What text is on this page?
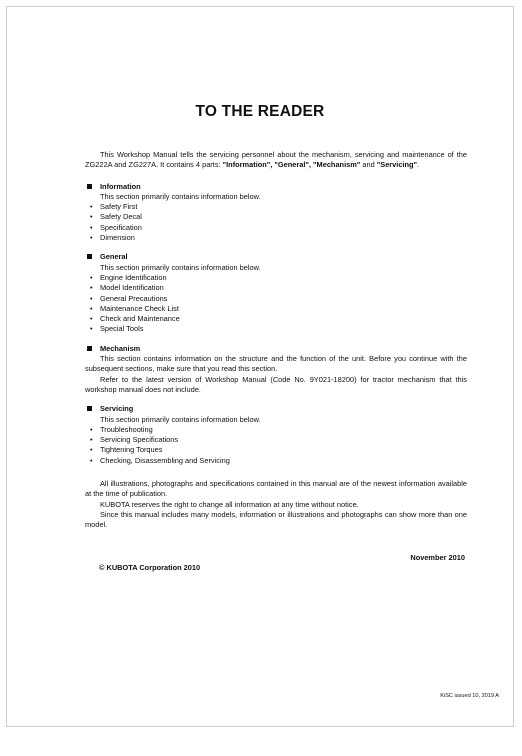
TO THE READER

This Workshop Manual tells the servicing personnel about the mechanism, servicing and maintenance of the ZG222A and ZG227A. It contains 4 parts: "Information", "General", "Mechanism" and "Servicing".

Information
This section primarily contains information below.
• Safety First
• Safety Decal
• Specification
• Dimension
General
This section primarily contains information below.
• Engine Identification
• Model Identification
• General Precautions
• Maintenance Check List
• Check and Maintenance
• Special Tools
Mechanism

This section contains information on the structure and the function of the unit. Before you continue with the subsequent sections, make sure that you read this section.

Refer to the latest version of Workshop Manual (Code No. 9Y021-18200) for tractor mechanism that this workshop manual does not include.

Servicing
This section primarily contains information below.
• Troubleshooting
• Servicing Specifications
• Tightening Torques
• Checking, Disassembling and Servicing

All illustrations, photographs and specifications contained in this manual are of the newest information available at the time of publication.

KUBOTA reserves the right to change all information at any time without notice.

Since this manual includes many models, information or illustrations and photographs can show more than one model.

November 2010
© KUBOTA Corporation 2010
KiSC issued 10, 2019 A
